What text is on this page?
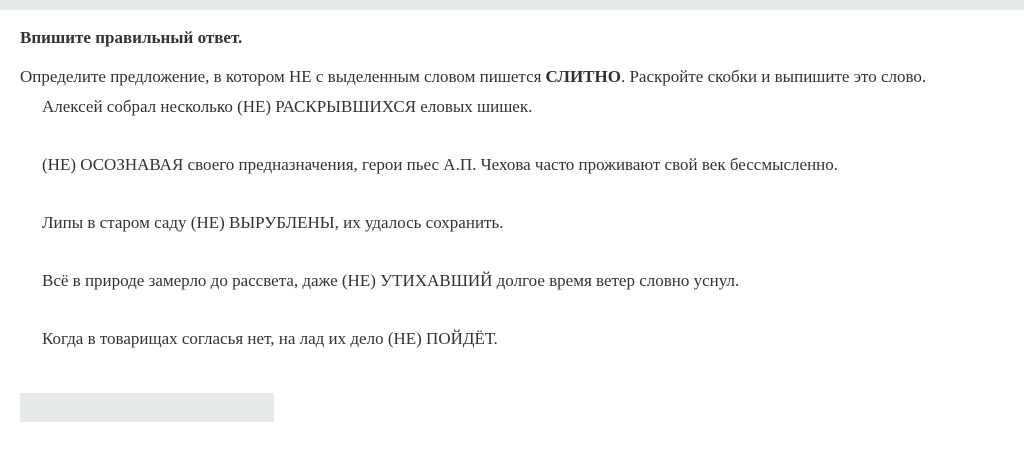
Впишите правильный ответ.
Определите предложение, в котором НЕ с выделенным словом пишется СЛИТНО. Раскройте скобки и выпишите это слово.
Алексей собрал несколько (НЕ) РАСКРЫВШИХСЯ еловых шишек.
(НЕ) ОСОЗНАВАЯ своего предназначения, герои пьес А.П. Чехова часто проживают свой век бессмысленно.
Липы в старом саду (НЕ) ВЫРУБЛЕНЫ, их удалось сохранить.
Всё в природе замерло до рассвета, даже (НЕ) УТИХАВШИЙ долгое время ветер словно уснул.
Когда в товарищах согласья нет, на лад их дело (НЕ) ПОЙДЁТ.
